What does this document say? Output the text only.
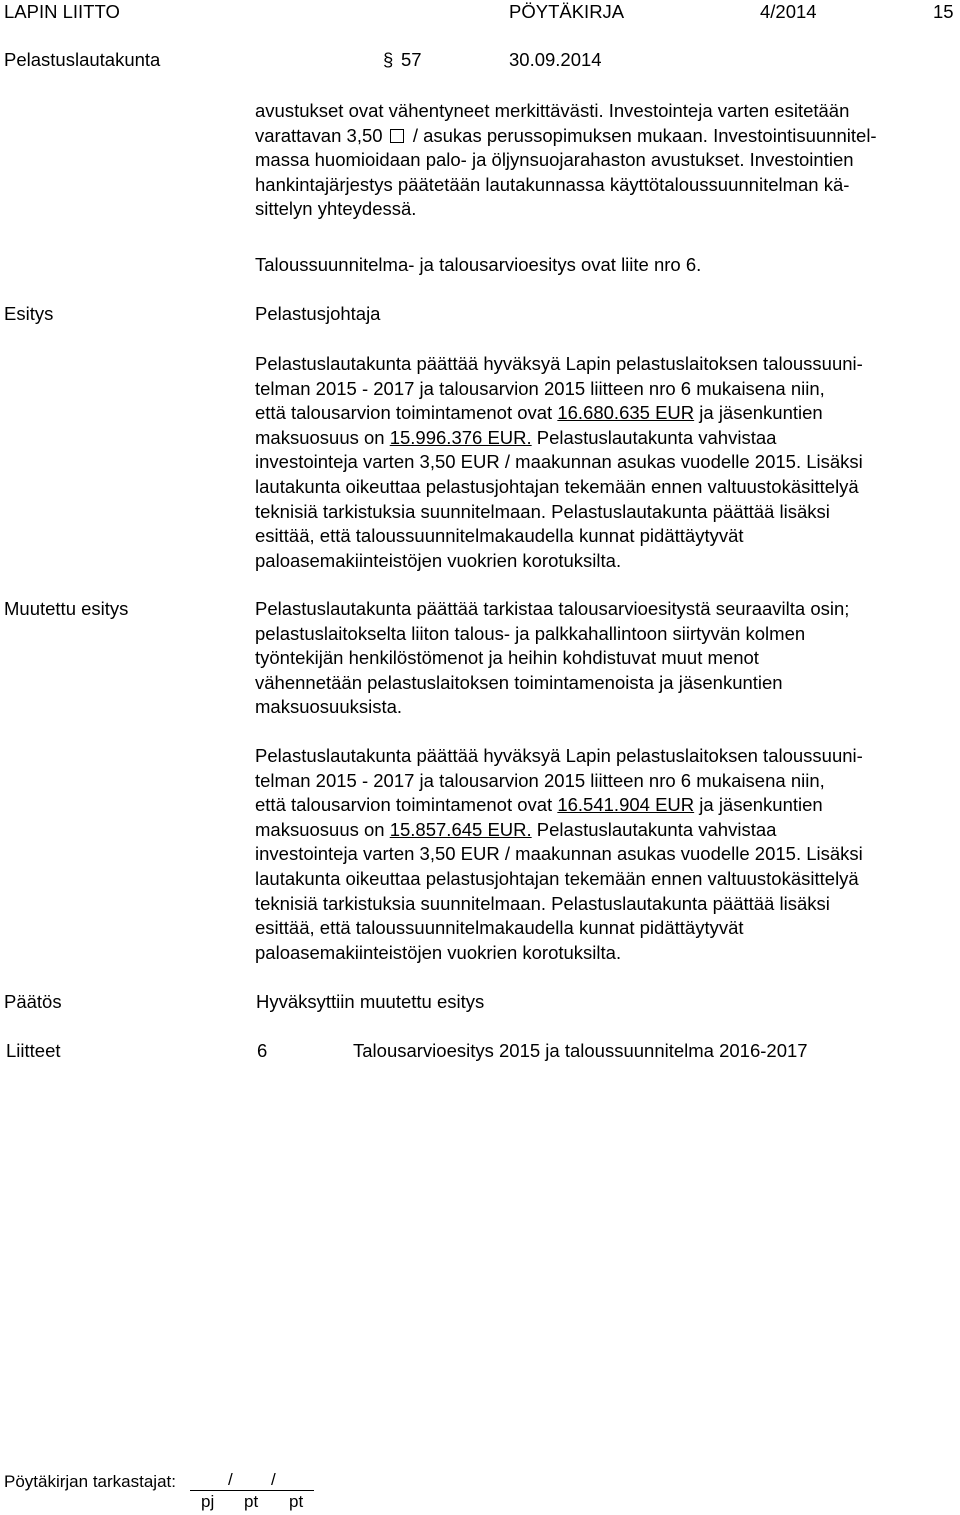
LAPIN LIITTO	PÖYTÄKIRJA	4/2014	15
Pelastuslautakunta	§ 57	30.09.2014
avustukset ovat vähentyneet merkittävästi. Investointeja varten esitetään
varattavan 3,50 / asukas perussopimuksen mukaan. Investointisuunnitel-
massa huomioidaan palo- ja öljynsuojarahaston avustukset. Investointien
hankintajärjestys päätetään lautakunnassa käyttötaloussuunnitelman kä-
sittelyn yhteydessä.
Taloussuunnitelma- ja talousarvioesitys ovat liite nro 6.
Esitys	Pelastusjohtaja
Pelastuslautakunta päättää hyväksyä Lapin pelastuslaitoksen taloussuuni-
telman 2015 - 2017 ja talousarvion 2015 liitteen nro 6 mukaisena niin,
että talousarvion toimintamenot ovat 16.680.635 EUR ja jäsenkuntien
maksuosuus on 15.996.376 EUR. Pelastuslautakunta vahvistaa
investointeja varten 3,50 EUR / maakunnan asukas vuodelle 2015. Lisäksi
lautakunta oikeuttaa pelastusjohtajan tekemään ennen valtuustokäsittelyä
teknisiä tarkistuksia suunnitelmaan. Pelastuslautakunta päättää lisäksi
esittää, että taloussuunnitelmakaudella kunnat pidättäytyvät
paloasemakiinteistöjen vuokrien korotuksilta.
Muutettu esitys	Pelastuslautakunta päättää tarkistaa talousarvioesitystä seuraavilta osin;
pelastuslaitokselta liiton talous- ja palkkahallintoon siirtyvän kolmen
työntekijän henkilöstömenot ja heihin kohdistuvat muut menot
vähennetään pelastuslaitoksen toimintamenoista ja jäsenkuntien
maksuosuuksista.
Pelastuslautakunta päättää hyväksyä Lapin pelastuslaitoksen taloussuuni-
telman 2015 - 2017 ja talousarvion 2015 liitteen nro 6 mukaisena niin,
että talousarvion toimintamenot ovat 16.541.904 EUR ja jäsenkuntien
maksuosuus on 15.857.645 EUR. Pelastuslautakunta vahvistaa
investointeja varten 3,50 EUR / maakunnan asukas vuodelle 2015. Lisäksi
lautakunta oikeuttaa pelastusjohtajan tekemään ennen valtuustokäsittelyä
teknisiä tarkistuksia suunnitelmaan. Pelastuslautakunta päättää lisäksi
esittää, että taloussuunnitelmakaudella kunnat pidättäytyvät
paloasemakiinteistöjen vuokrien korotuksilta.
Päätös	Hyväksyttiin muutettu esitys
Liitteet	6	Talousarvioesitys 2015 ja taloussuunnitelma 2016-2017
Pöytäkirjan tarkastajat:	/ /
pj pt pt
